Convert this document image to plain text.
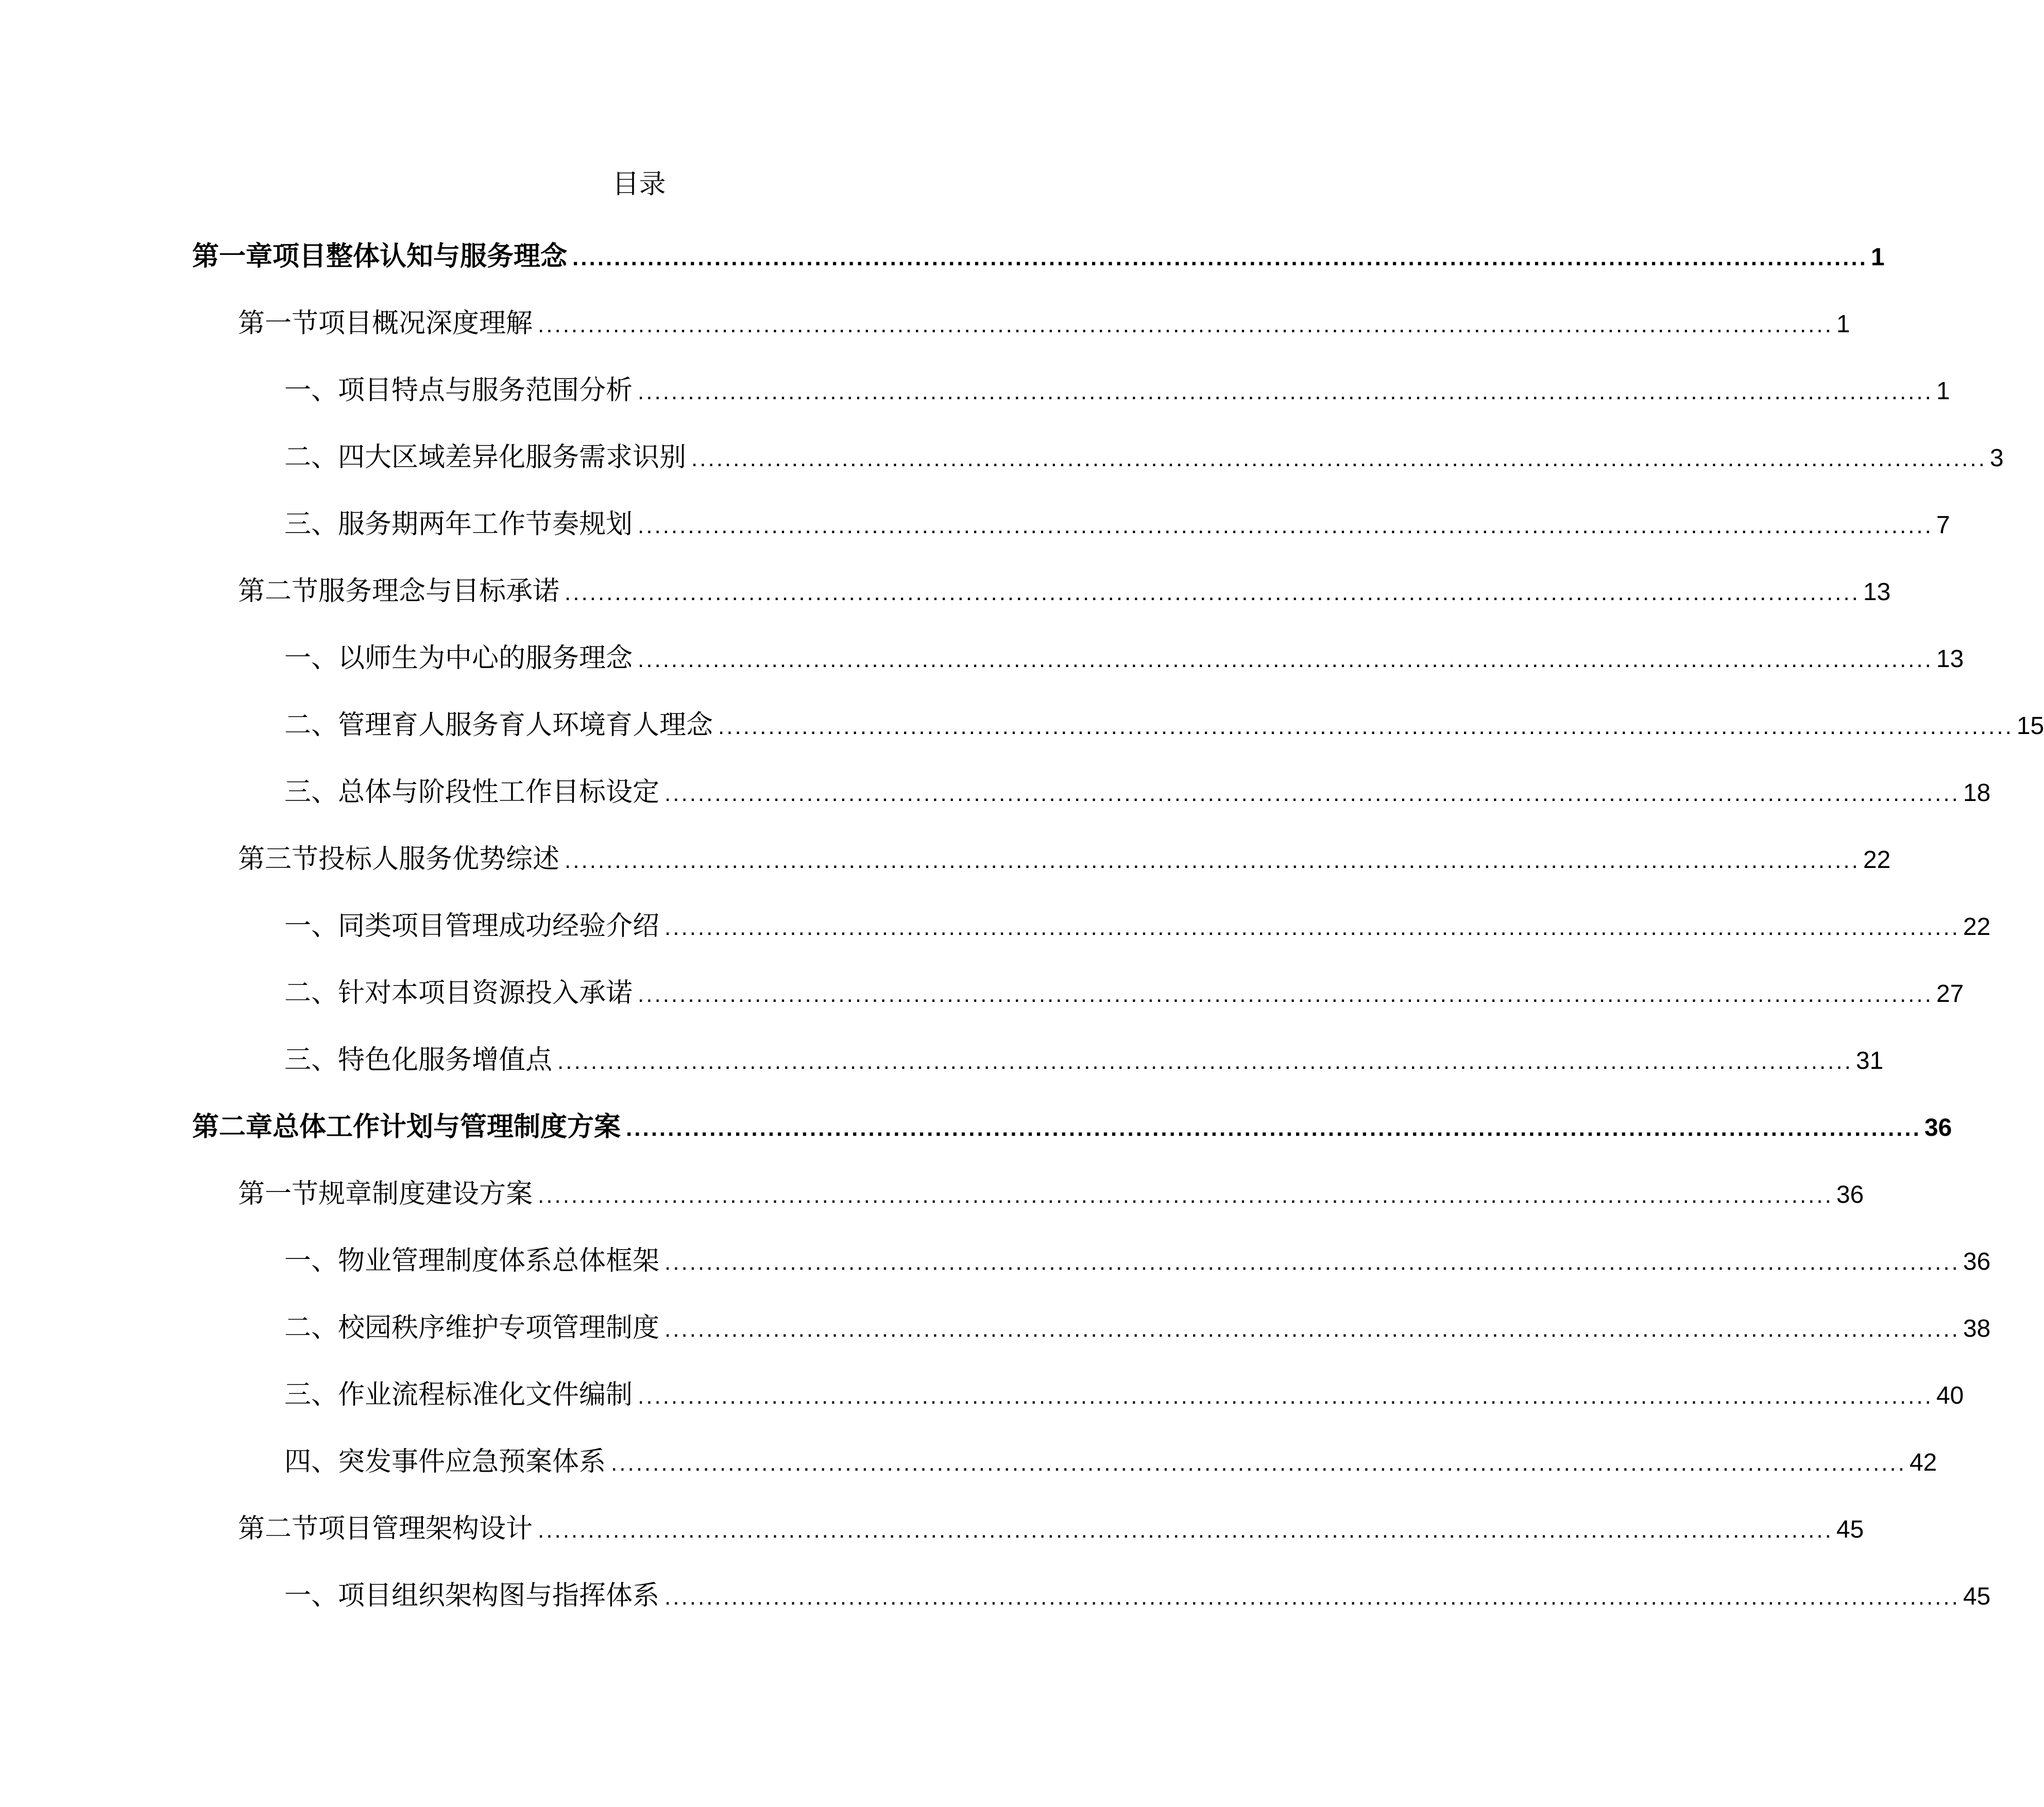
目录
第一章 项目整体认知与服务理念 ........................................................................................................................................................... 1
第一节 项目概况深度理解 ........................................................................................................................................................... 1
一、 项目特点与服务范围分析 ........................................................................................................................................................... 1
二、 四大区域差异化服务需求识别 ........................................................................................................................................................... 3
三、 服务期两年工作节奏规划 ........................................................................................................................................................... 7
第二节 服务理念与目标承诺 ........................................................................................................................................................... 13
一、 以师生为中心的服务理念 ........................................................................................................................................................... 13
二、 管理育人服务育人环境育人理念 ........................................................................................................................................................... 15
三、 总体与阶段性工作目标设定 ........................................................................................................................................................... 18
第三节 投标人服务优势综述 ........................................................................................................................................................... 22
一、 同类项目管理成功经验介绍 ........................................................................................................................................................... 22
二、 针对本项目资源投入承诺 ........................................................................................................................................................... 27
三、 特色化服务增值点 ........................................................................................................................................................... 31
第二章 总体工作计划与管理制度方案 ........................................................................................................................................................... 36
第一节 规章制度建设方案 ........................................................................................................................................................... 36
一、 物业管理制度体系总体框架 ........................................................................................................................................................... 36
二、 校园秩序维护专项管理制度 ........................................................................................................................................................... 38
三、 作业流程标准化文件编制 ........................................................................................................................................................... 40
四、 突发事件应急预案体系 ........................................................................................................................................................... 42
第二节 项目管理架构设计 ........................................................................................................................................................... 45
一、 项目组织架构图与指挥体系 ........................................................................................................................................................... 45
